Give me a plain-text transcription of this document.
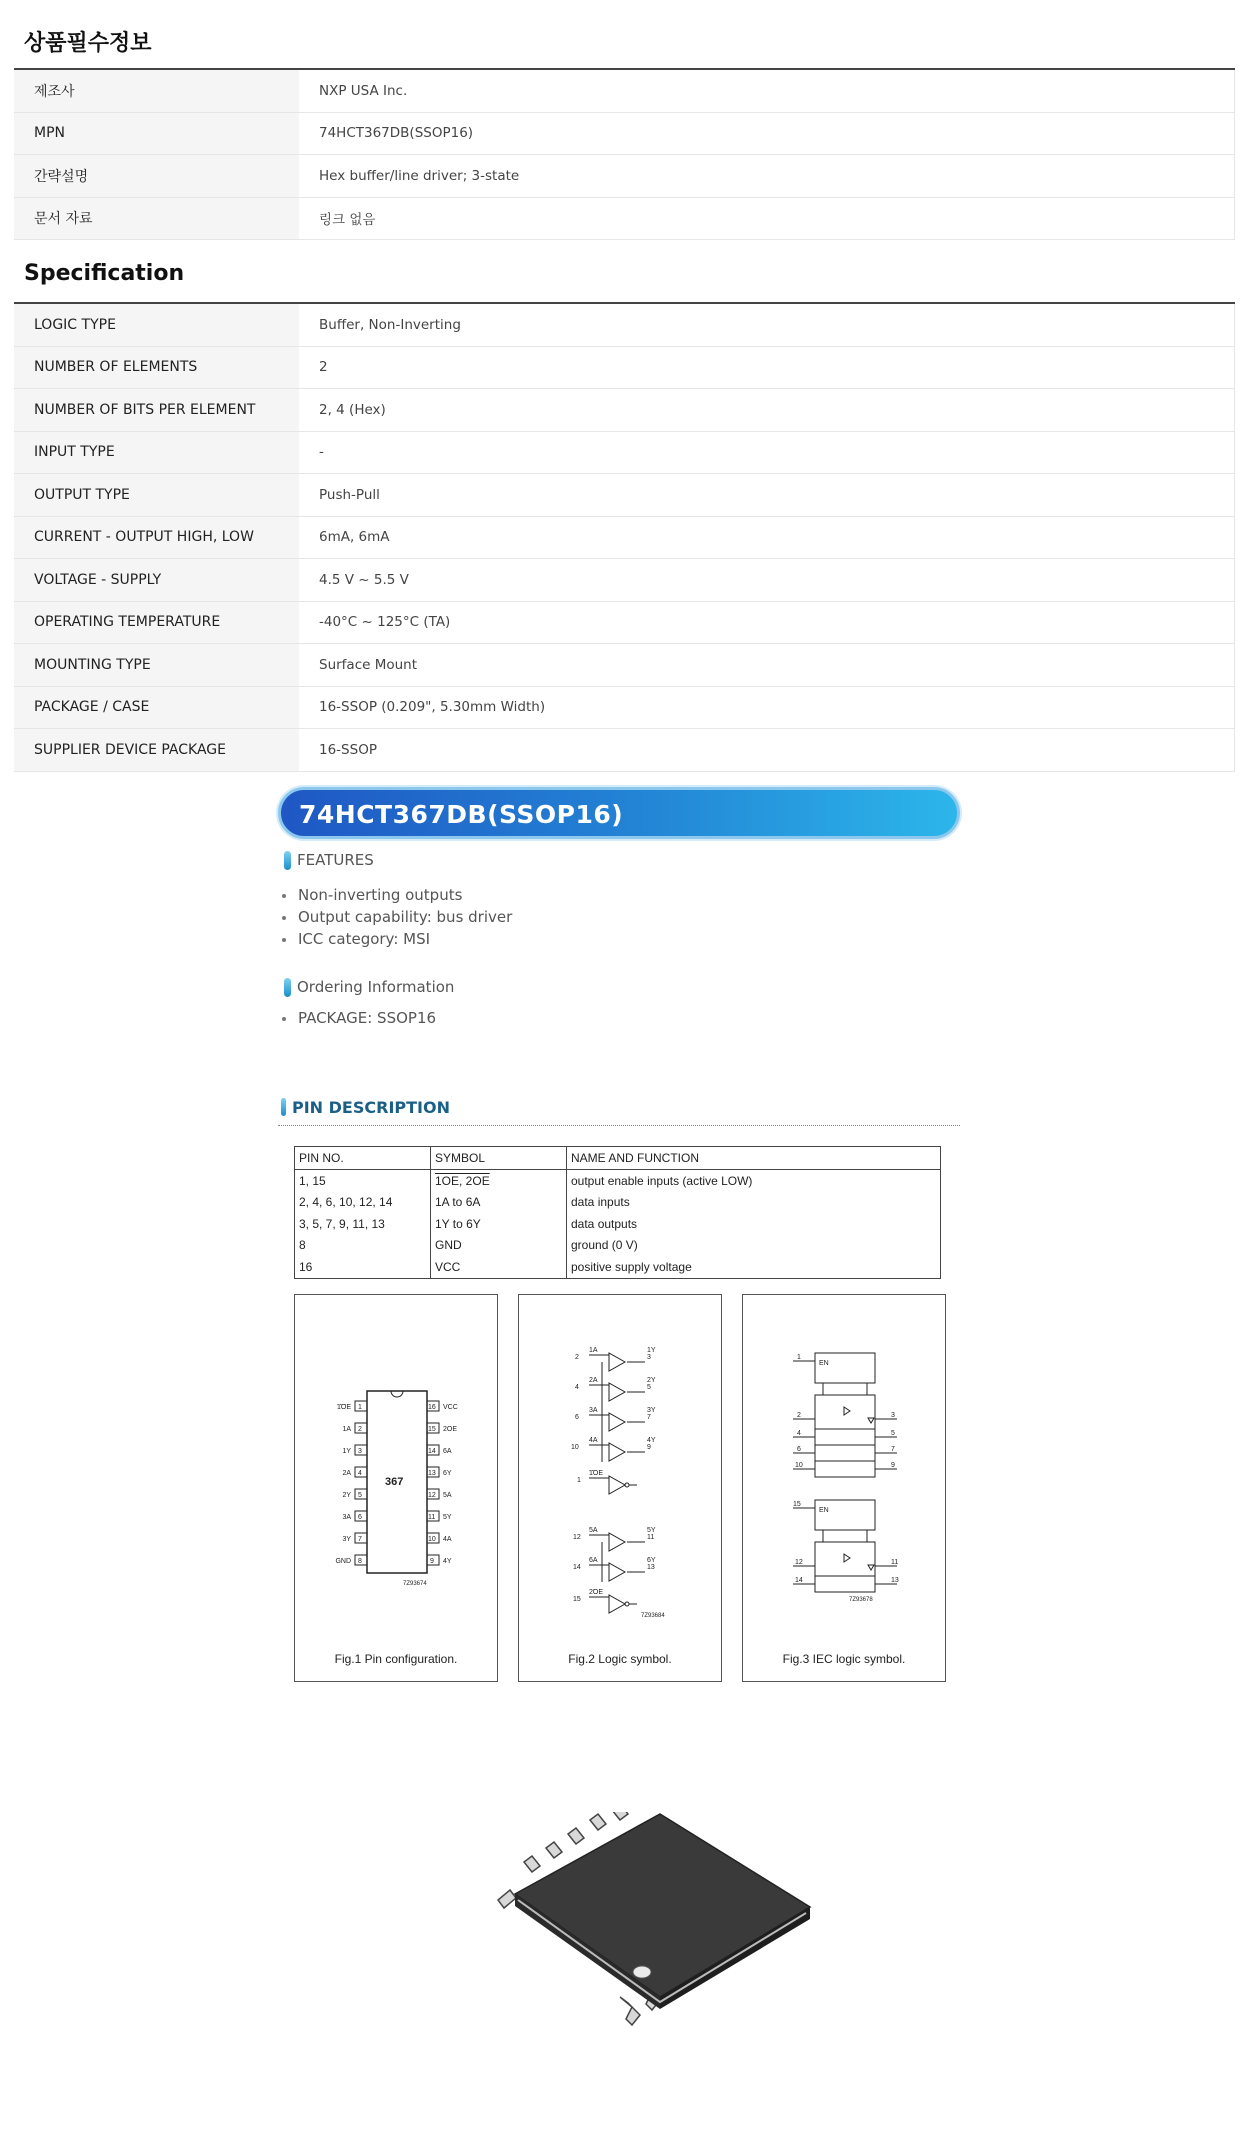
상품필수정보
제조사	NXP USA Inc.
MPN	74HCT367DB(SSOP16)
간략설명	Hex buffer/line driver; 3-state
문서 자료	링크 없음
Specification
LOGIC TYPE	Buffer, Non-Inverting
NUMBER OF ELEMENTS	2
NUMBER OF BITS PER ELEMENT	2, 4 (Hex)
INPUT TYPE	-
OUTPUT TYPE	Push-Pull
CURRENT - OUTPUT HIGH, LOW	6mA, 6mA
VOLTAGE - SUPPLY	4.5 V ~ 5.5 V
OPERATING TEMPERATURE	-40°C ~ 125°C (TA)
MOUNTING TYPE	Surface Mount
PACKAGE / CASE	16-SSOP (0.209", 5.30mm Width)
SUPPLIER DEVICE PACKAGE	16-SSOP
74HCT367DB(SSOP16)
FEATURES
Non-inverting outputs
Output capability: bus driver
ICC category: MSI
Ordering Information
PACKAGE: SSOP16
PIN DESCRIPTION
PIN NO.	SYMBOL	NAME AND FUNCTION
1, 15	1OE, 2OE	output enable inputs (active LOW)
2, 4, 6, 10, 12, 14	1A to 6A	data inputs
3, 5, 7, 9, 11, 13	1Y to 6Y	data outputs
8	GND	ground (0 V)
16	VCC	positive supply voltage
1
2
3
4
5
6
7
8
16
15
14
13
12
11
10
9
1OE
1A
1Y
2A
2Y
3A
3Y
GND
VCC
2OE
6A
6Y
5A
5Y
4A
4Y
367
7Z93674
Fig.1 Pin configuration.
2
4
6
10
1
12
14
15
1A
2A
3A
4A
1OE
5A
6A
2OE
3
5
7
9
11
13
1Y
2Y
3Y
4Y
5Y
6Y
7Z93684
Fig.2 Logic symbol.
1
EN
2
4
6
10
3
5
7
9
15
EN
12
14
11
13
7Z93678
Fig.3 IEC logic symbol.
